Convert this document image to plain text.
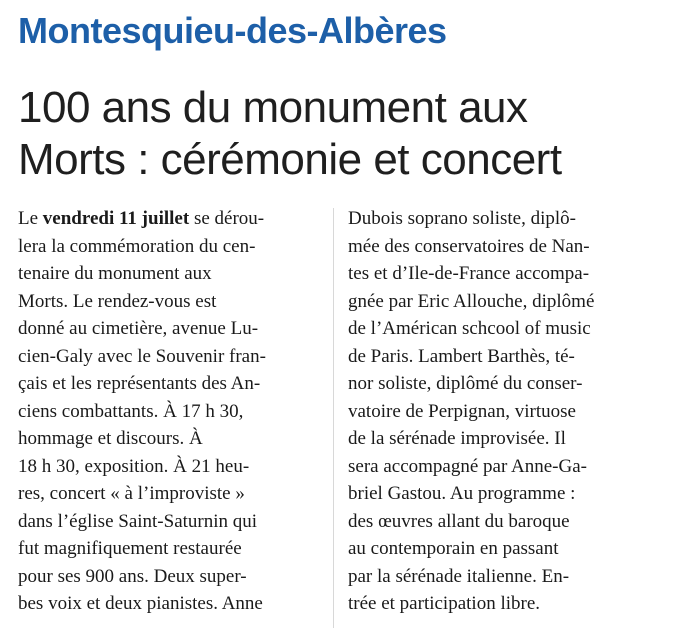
Montesquieu-des-Albères
100 ans du monument aux
Morts : cérémonie et concert
Le vendredi 11 juillet se dérou-
lera la commémoration du cen-
tenaire du monument aux
Morts. Le rendez-vous est
donné au cimetière, avenue Lu-
cien-Galy avec le Souvenir fran-
çais et les représentants des An-
ciens combattants. À 17 h 30,
hommage et discours. À
18 h 30, exposition. À 21 heu-
res, concert « à l’improviste »
dans l’église Saint-Saturnin qui
fut magnifiquement restaurée
pour ses 900 ans. Deux super-
bes voix et deux pianistes. Anne
Dubois soprano soliste, diplô-
mée des conservatoires de Nan-
tes et d’Ile-de-France accompa-
gnée par Eric Allouche, diplômé
de l’Américan schcool of music
de Paris. Lambert Barthès, té-
nor soliste, diplômé du conser-
vatoire de Perpignan, virtuose
de la sérénade improvisée. Il
sera accompagné par Anne-Ga-
briel Gastou. Au programme :
des œuvres allant du baroque
au contemporain en passant
par la sérénade italienne. En-
trée et participation libre.
